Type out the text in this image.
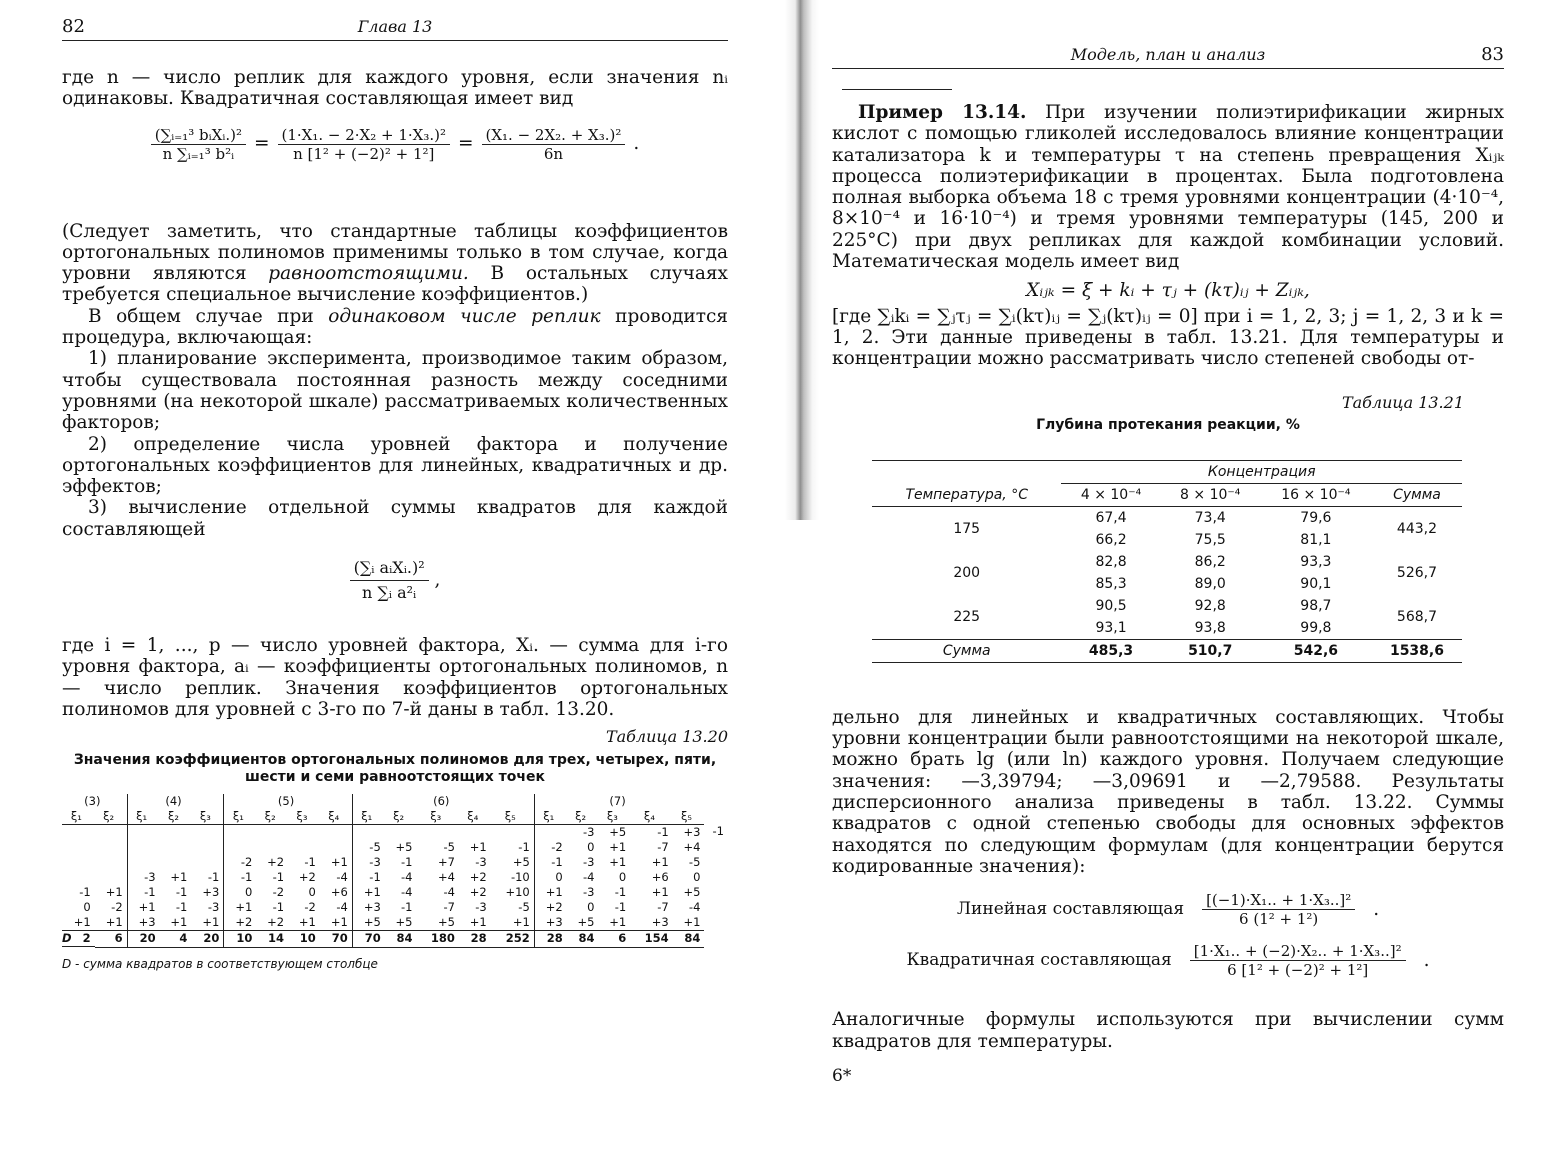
82	Глава 13

где n — число реплик для каждого уровня, если значения nᵢ одинаковы. Квадратичная составляющая имеет вид

$\frac{\text{(∑ᵢ₌₁³ bᵢXᵢ.)²}}{\text{n ∑ᵢ₌₁³ b²ᵢ}} = \frac{\text{(1·X₁. − 2·X₂ + 1·X₃.)²}}{\text{n [1² + (−2)² + 1²]}} = \frac{\text{(X₁. − 2X₂. + X₃.)²}}{6n}$ .

(Следует заметить, что стандартные таблицы коэффициентов ортогональных полиномов применимы только в том случае, когда уровни являются равноотстоящими. В остальных случаях требуется специальное вычисление коэффициентов.)

В общем случае при одинаковом числе реплик проводится процедура, включающая:

1) планирование эксперимента, производимое таким образом, чтобы существовала постоянная разность между соседними уровнями (на некоторой шкале) рассматриваемых количественных факторов;

2) определение числа уровней фактора и получение ортогональных коэффициентов для линейных, квадратичных и др. эффектов;

3) вычисление отдельной суммы квадратов для каждой составляющей

$\frac{\text{(∑ᵢ aᵢXᵢ.)²}}{\text{n ∑ᵢ a²ᵢ}}$ ,

где i = 1, ..., p — число уровней фактора, Xᵢ. — сумма для i-го уровня фактора, aᵢ — коэффициенты ортогональных полиномов, n — число реплик. Значения коэффициентов ортогональных полиномов для уровней с 3-го по 7-й даны в табл. 13.20.

Таблица 13.20
Значения коэффициентов ортогональных полиномов для трех, четырех, пяти, шести и семи равноотстоящих точек
(3)		(4)			(5)				(6)					(7)					
ξ₁	ξ₂	ξ₁	ξ₂	ξ₃	ξ₁	ξ₂	ξ₃	ξ₄	ξ₁	ξ₂	ξ₃	ξ₄	ξ₅	ξ₁	ξ₂	ξ₃	ξ₄	ξ₅	
															-3	+5	-1	+3	-1
									-5	+5	-5	+1	-1	-2	0	+1	-7	+4	
					-2	+2	-1	+1	-3	-1	+7	-3	+5	-1	-3	+1	+1	-5	
		-3	+1	-1	-1	-1	+2	-4	-1	-4	+4	+2	-10	0	-4	0	+6	0	
-1	+1	-1	-1	+3	0	-2	0	+6	+1	-4	-4	+2	+10	+1	-3	-1	+1	+5	
0	-2	+1	-1	-3	+1	-1	-2	-4	+3	-1	-7	-3	-5	+2	0	-1	-7	-4	
+1	+1	+3	+1	+1	+2	+2	+1	+1	+5	+5	+5	+1	+1	+3	+5	+1	+3	+1	

D 2 6	20	4	20	10	14	10	70	70	84	180	28	252	28	84	6	154	84	
D - сумма квадратов в соответствующем столбце
Модель, план и анализ	83

Пример 13.14. При изучении полиэтирификации жирных кислот с помощью гликолей исследовалось влияние концентрации катализатора k и температуры τ на степень превращения Xᵢⱼₖ процесса полиэтерификации в процентах. Была подготовлена полная выборка объема 18 с тремя уровнями концентрации (4·10⁻⁴, 8×10⁻⁴ и 16·10⁻⁴) и тремя уровнями температуры (145, 200 и 225°C) при двух репликах для каждой комбинации условий. Математическая модель имеет вид

Xᵢⱼₖ = ξ + kᵢ + τⱼ + (kτ)ᵢⱼ + Zᵢⱼₖ,

[где ∑ᵢkᵢ = ∑ⱼτⱼ = ∑ᵢ(kτ)ᵢⱼ = ∑ⱼ(kτ)ᵢⱼ = 0] при i = 1, 2, 3; j = 1, 2, 3 и k = 1, 2. Эти данные приведены в табл. 13.21. Для температуры и концентрации можно рассматривать число степеней свободы от-

Таблица 13.21
Глубина протекания реакции, %
	Концентрация			
Температура, °C	4 × 10⁻⁴	8 × 10⁻⁴	16 × 10⁻⁴	Сумма
175	67,4	73,4	79,6	443,2
	66,2	75,5	81,1	
200	82,8	86,2	93,3	526,7
	85,3	89,0	90,1	
225	90,5	92,8	98,7	568,7
	93,1	93,8	99,8	
Сумма	485,3	510,7	542,6	1538,6

дельно для линейных и квадратичных составляющих. Чтобы уровни концентрации были равноотстоящими на некоторой шкале, можно брать lg (или ln) каждого уровня. Получаем следующие значения: —3,39794; —3,09691 и —2,79588. Результаты дисперсионного анализа приведены в табл. 13.22. Суммы квадратов с одной степенью свободы для основных эффектов находятся по следующим формулам (для концентрации берутся кодированные значения):

Линейная составляющая $\frac{\text{[(−1)·X₁.. + 1·X₃..]²}}{\text{6 (1² + 1²)}}$ .
Квадратичная составляющая $\frac{\text{[1·X₁.. + (−2)·X₂.. + 1·X₃..]²}}{\text{6 [1² + (−2)² + 1²]}}$ .

Аналогичные формулы используются при вычислении сумм квадратов для температуры.

6*
